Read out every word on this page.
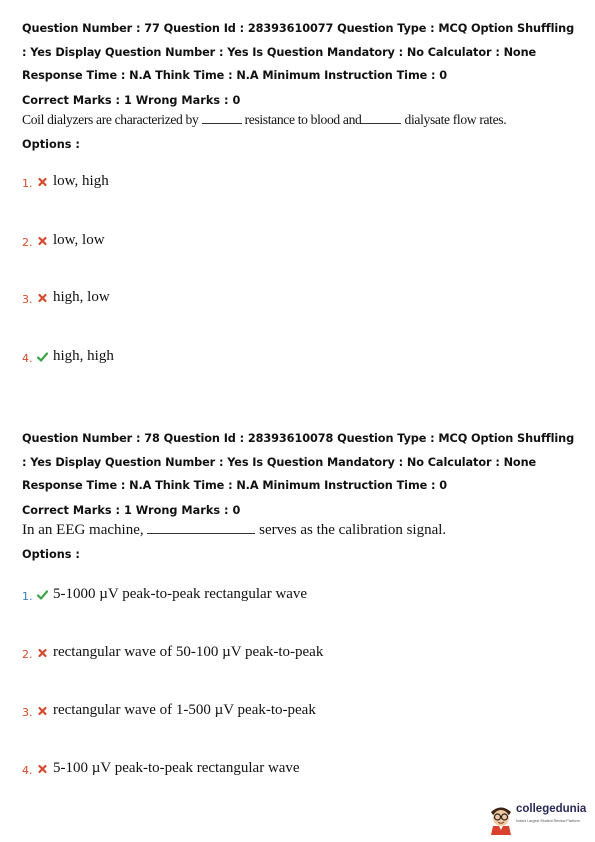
Question Number : 77 Question Id : 28393610077 Question Type : MCQ Option Shuffling : Yes Display Question Number : Yes Is Question Mandatory : No Calculator : None Response Time : N.A Think Time : N.A Minimum Instruction Time : 0

Correct Marks : 1 Wrong Marks : 0
Coil dialyzers are characterized by	resistance to blood and	dialysate flow rates.
Options :
1. low, high
2. low, low
3. high, low
4. high, high

Question Number : 78 Question Id : 28393610078 Question Type : MCQ Option Shuffling : Yes Display Question Number : Yes Is Question Mandatory : No Calculator : None Response Time : N.A Think Time : N.A Minimum Instruction Time : 0

Correct Marks : 1 Wrong Marks : 0
In an EEG machine,	serves as the calibration signal.
Options :
1. 5-1000 µV peak-to-peak rectangular wave
2. rectangular wave of 50-100 µV peak-to-peak
3. rectangular wave of 1-500 µV peak-to-peak
4. 5-100 µV peak-to-peak rectangular wave
collegedunia
India's Largest Student Review Platform
